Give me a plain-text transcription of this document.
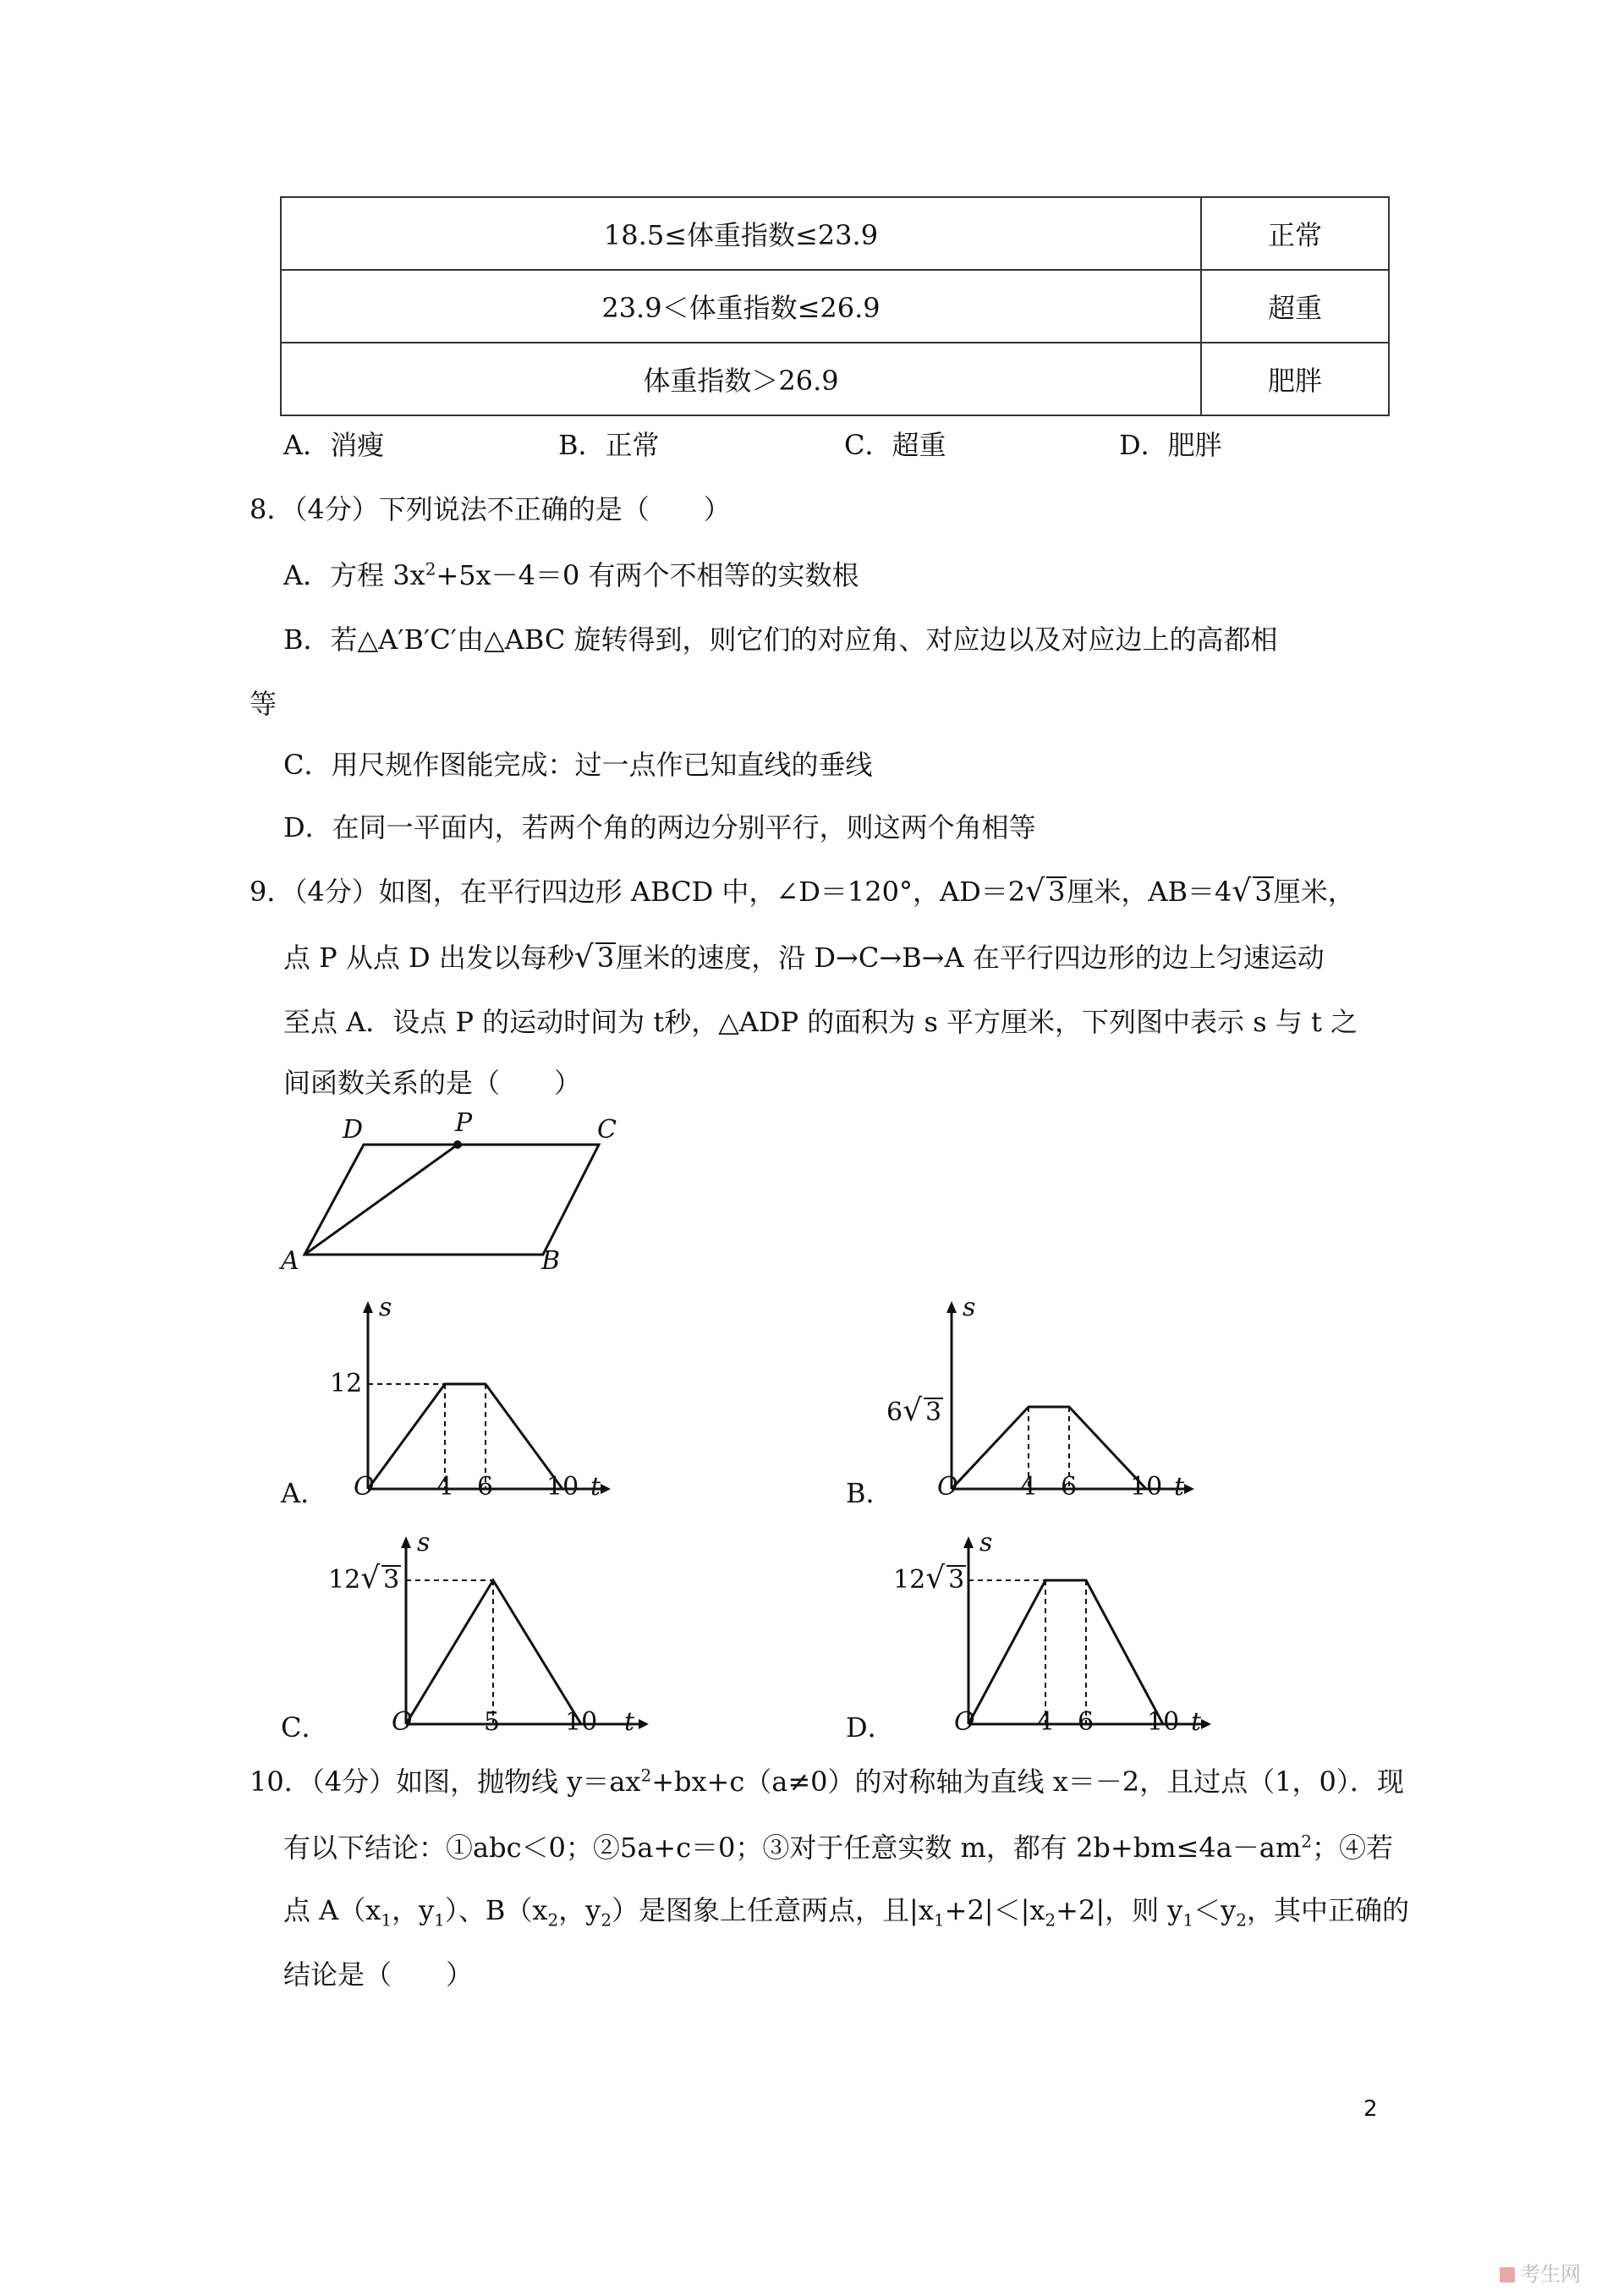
18.5≤体重指数≤23.9	正常
23.9＜体重指数≤26.9	超重
体重指数＞26.9	肥胖
A．消瘦	B．正常	C．超重	D．肥胖
8．（4分）下列说法不正确的是（　　）
A．方程 $3x^2+5x-4=0$ 有两个不相等的实数根
B．若△A′B′C′由△ABC 旋转得到，则它们的对应角、对应边以及对应边上的高都相
等
C．用尺规作图能完成：过一点作已知直线的垂线
D．在同一平面内，若两个角的两边分别平行，则这两个角相等
9．（4分）如图，在平行四边形 ABCD 中，∠D＝120°，AD＝2√ 3厘米，AB＝4√ 3厘米，
点 P 从点 D 出发以每秒√ 3厘米的速度，沿 D→C→B→A 在平行四边形的边上匀速运动
至点 A．设点 P 的运动时间为 t秒，△ADP 的面积为 s 平方厘米，下列图中表示 s 与 t 之
间函数关系的是（　　）
D	P	C
A	B
A．
s
12
O 4 6 10 t	B．
s
6√ 3
O 4 6 10 t
C．
s
12√ 3
O	5	10 t	D．
s
12√ 3
O 4 6 10 t
10．（4分）如图，抛物线 $y=ax^2+bx+c(a\ne 0)$的对称轴为直线 x＝－2，且过点（1，0）．现
有以下结论：①abc＜0；②5a+c＝0；③对于任意实数 m，都有 $2b+bm\le 4a-am^2$；④若
点 $A(x_1$，$y_1$）、$B(x_2$，$y_2$）是图象上任意两点，且$|x_1+2|<|x_2+2|$，则 $y_1<y_2$，其中正确的
结论是（　　）
2
考生网
